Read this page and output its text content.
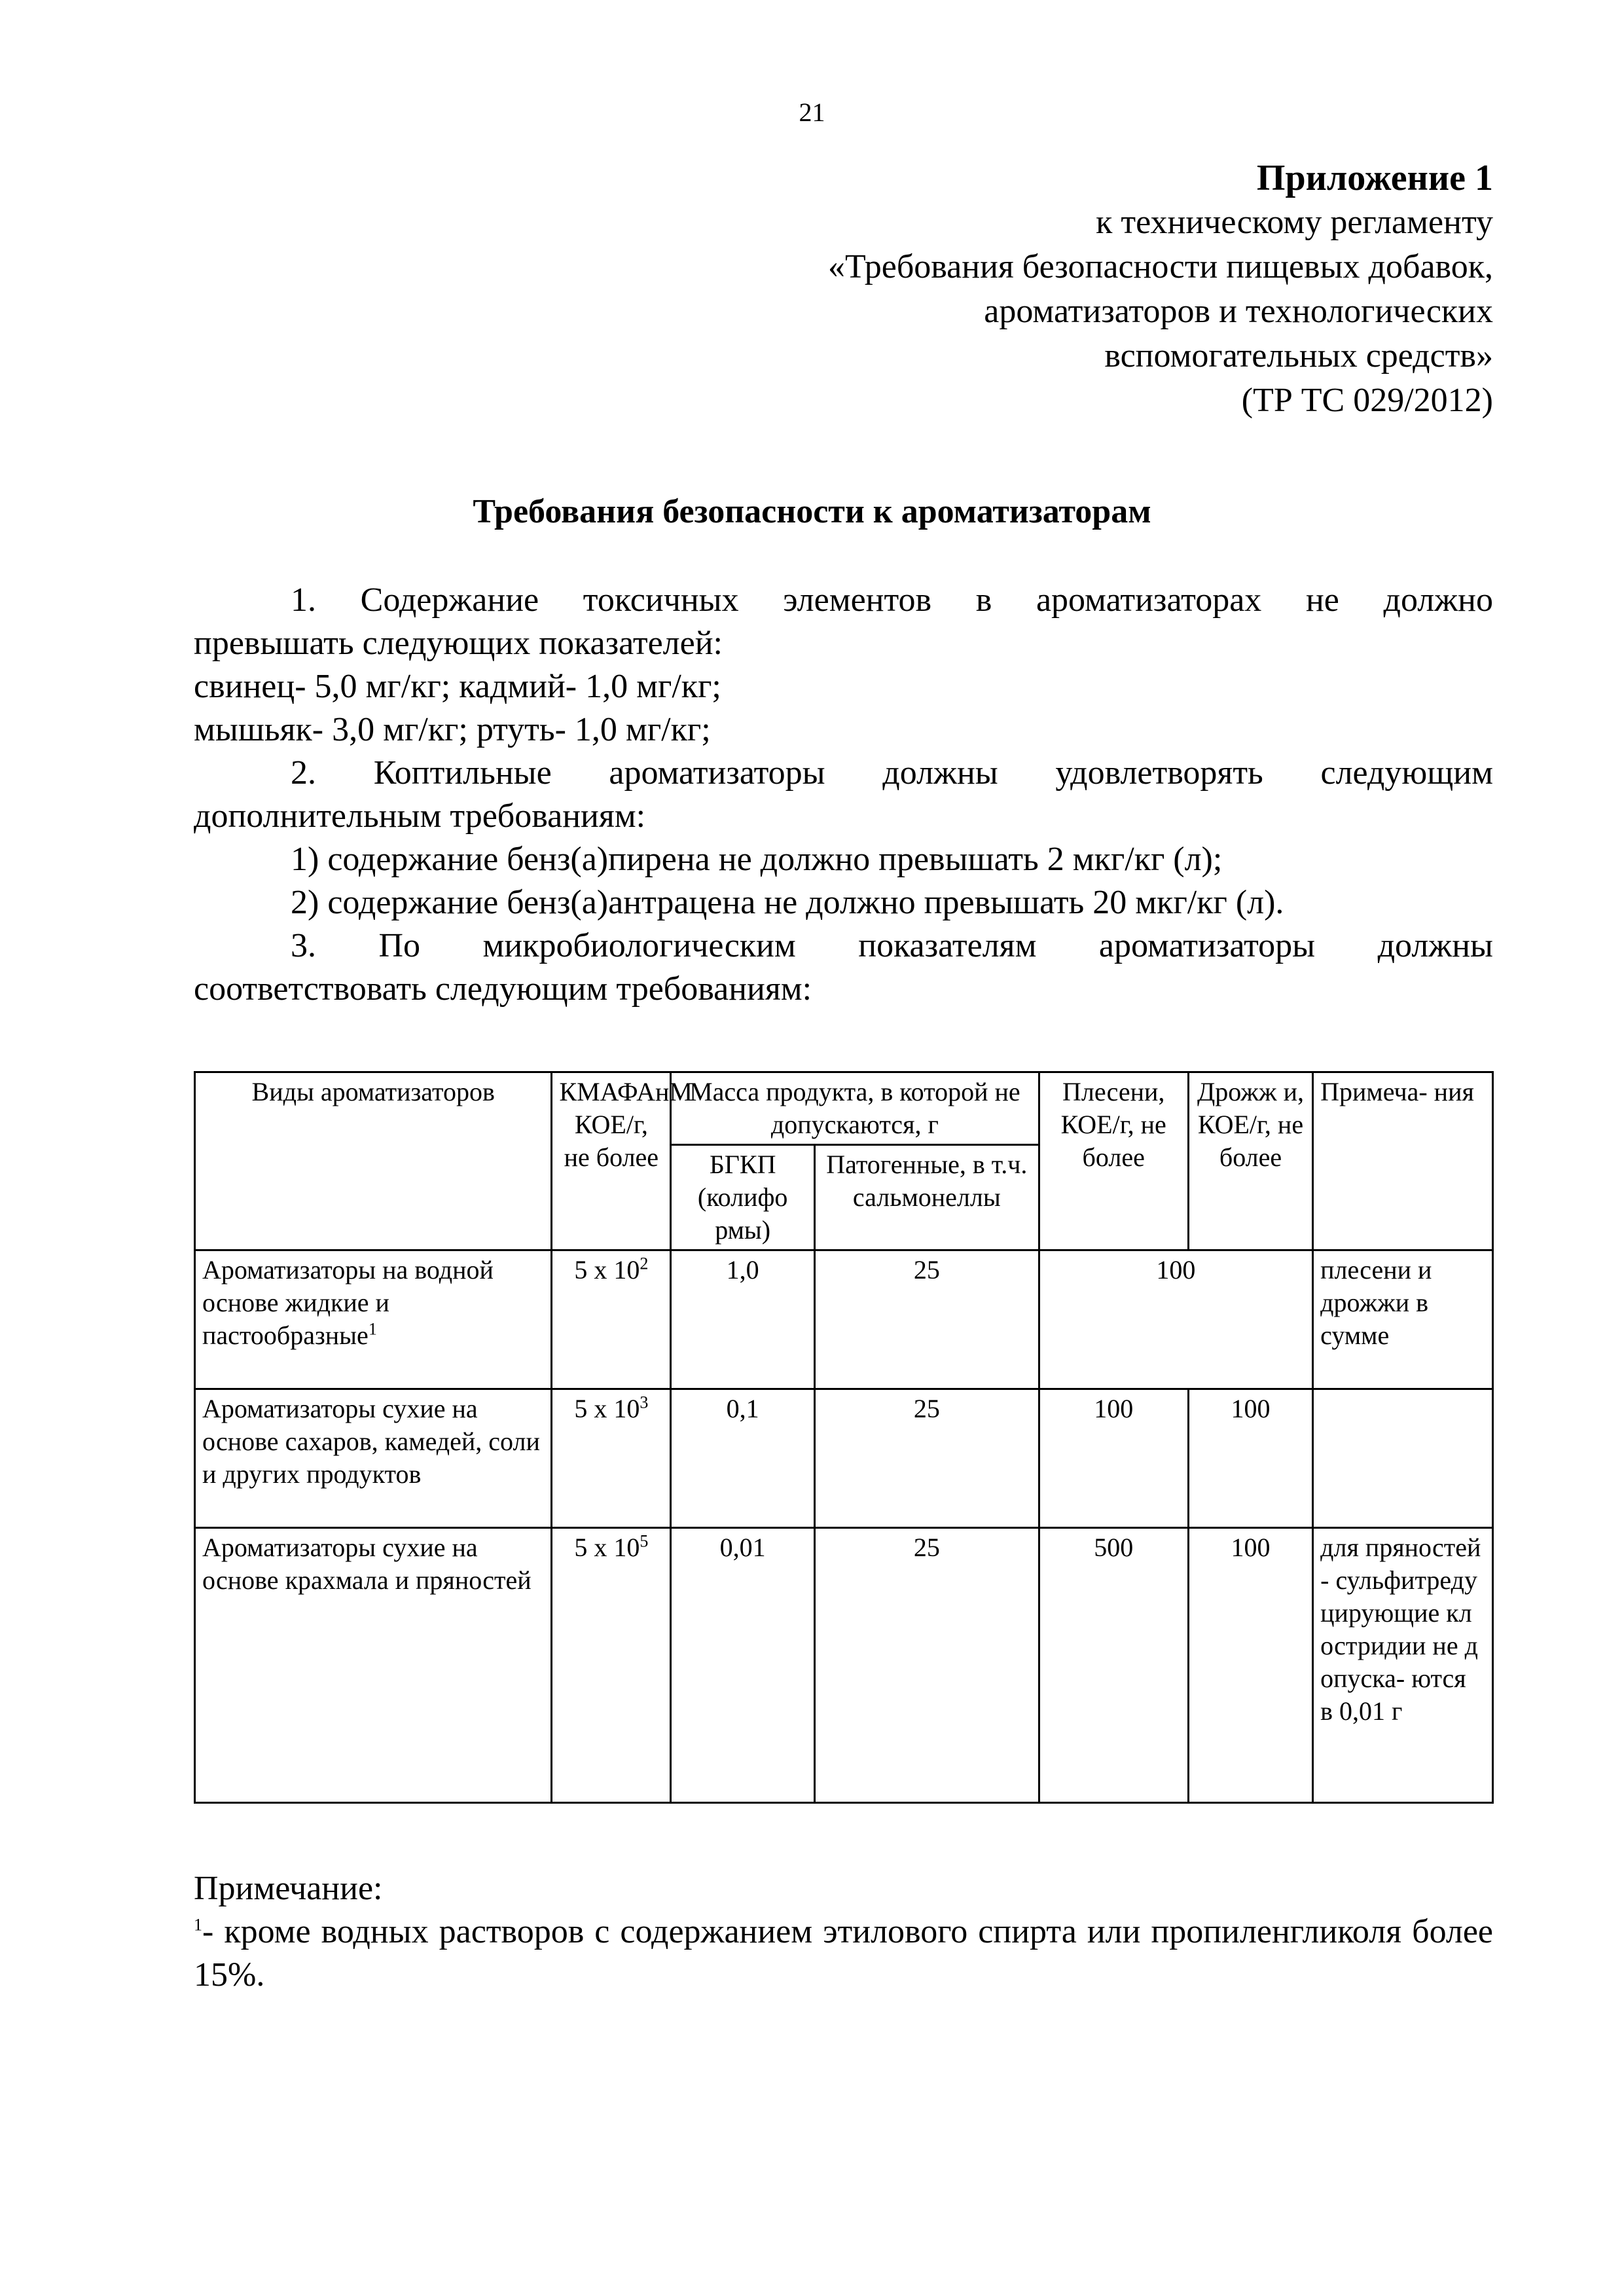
21
Приложение 1
к техническому регламенту
«Требования безопасности пищевых добавок,
ароматизаторов и технологических
вспомогательных средств»
(ТР ТС 029/2012)
Требования безопасности к ароматизаторам

1. Содержание токсичных элементов в ароматизаторах не должно

превышать следующих показателей:

свинец- 5,0 мг/кг; кадмий- 1,0 мг/кг;

мышьяк- 3,0 мг/кг; ртуть- 1,0 мг/кг;

2. Коптильные ароматизаторы должны удовлетворять следующим

дополнительным требованиям:

1) содержание бенз(а)пирена не должно превышать 2 мкг/кг (л);

2) содержание бенз(а)антрацена не должно превышать 20 мкг/кг (л).

3. По микробиологическим показателям ароматизаторы должны

соответствовать следующим требованиям:

Виды ароматизаторов	КМАФАнМ КОЕ/г, не более	Масса продукта, в которой не допускаются, г		Плесени, КОЕ/г, не более	Дрожж и, КОЕ/г, не более	Примеча- ния
		БГКП (колифо рмы)	Патогенные, в т.ч. сальмонеллы			
Ароматизаторы на водной основе жидкие и пастообразные$^1$	5 х $10^2$	1,0	25	100		плесени и дрожжи в сумме
Ароматизаторы сухие на основе сахаров, камедей, соли и других продуктов	5 х $10^3$	0,1	25	100	100	
Ароматизаторы сухие на основе крахмала и пряностей	5 х $10^5$	0,01	25	500	100	для пряностей - сульфитредуцирующие клостридии не допуска- ются
в 0,01 г

Примечание:

$^1$- кроме водных растворов с содержанием этилового спирта или пропиленгликоля более 15%.
